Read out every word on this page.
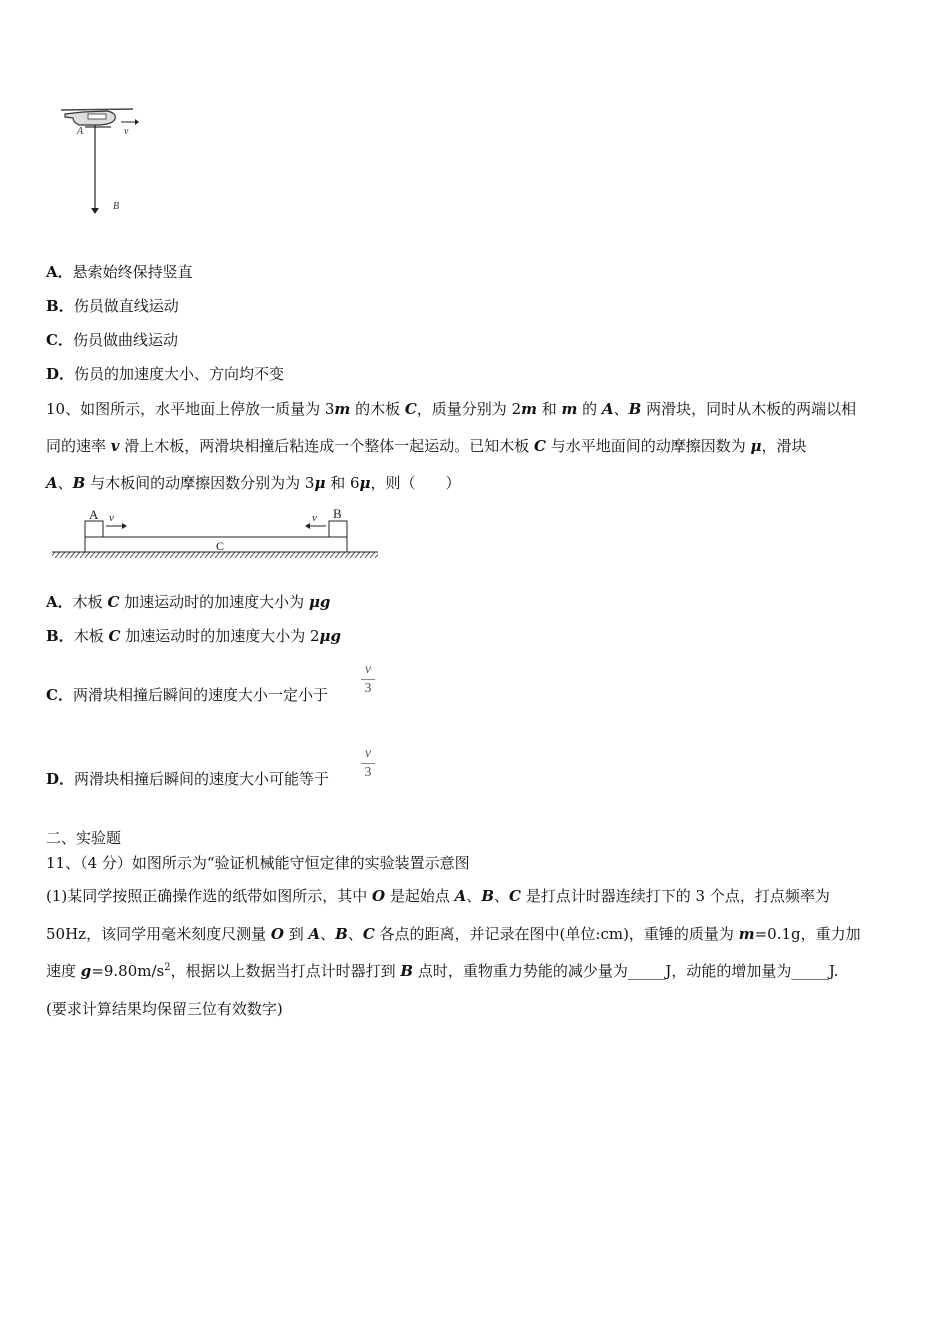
A	v
B
A．悬索始终保持竖直
B．伤员做直线运动
C．伤员做曲线运动
D．伤员的加速度大小、方向均不变
10、如图所示，水平地面上停放一质量为 3m 的木板 C，质量分别为 2m 和 m 的 A、B 两滑块，同时从木板的两端以相
同的速率 v 滑上木板，两滑块相撞后粘连成一个整体一起运动。已知木板 C 与水平地面间的动摩擦因数为 μ，滑块
A、B 与木板间的动摩擦因数分别为为 3μ 和 6μ，则（　　）
A v	v B
C
A．木板 C 加速运动时的加速度大小为 μg
B．木板 C 加速运动时的加速度大小为 2μg
C．两滑块相撞后瞬间的速度大小一定小于
v
3
D．两滑块相撞后瞬间的速度大小可能等于
v
3
二、实验题
11、（4 分）如图所示为“验证机械能守恒定律的实验装置示意图
(1)某同学按照正确操作选的纸带如图所示，其中 O 是起始点 A、B、C 是打点计时器连续打下的 3 个点，打点频率为
50Hz，该同学用毫米刻度尺测量 O 到 A、B、C 各点的距离，并记录在图中(单位:cm)，重锤的质量为 m=0.1g，重力加
速度 $g=9.80m/s^2$，根据以上数据当打点计时器打到 B 点时，重物重力势能的减少量为_____J，动能的增加量为_____J.
(要求计算结果均保留三位有效数字)
